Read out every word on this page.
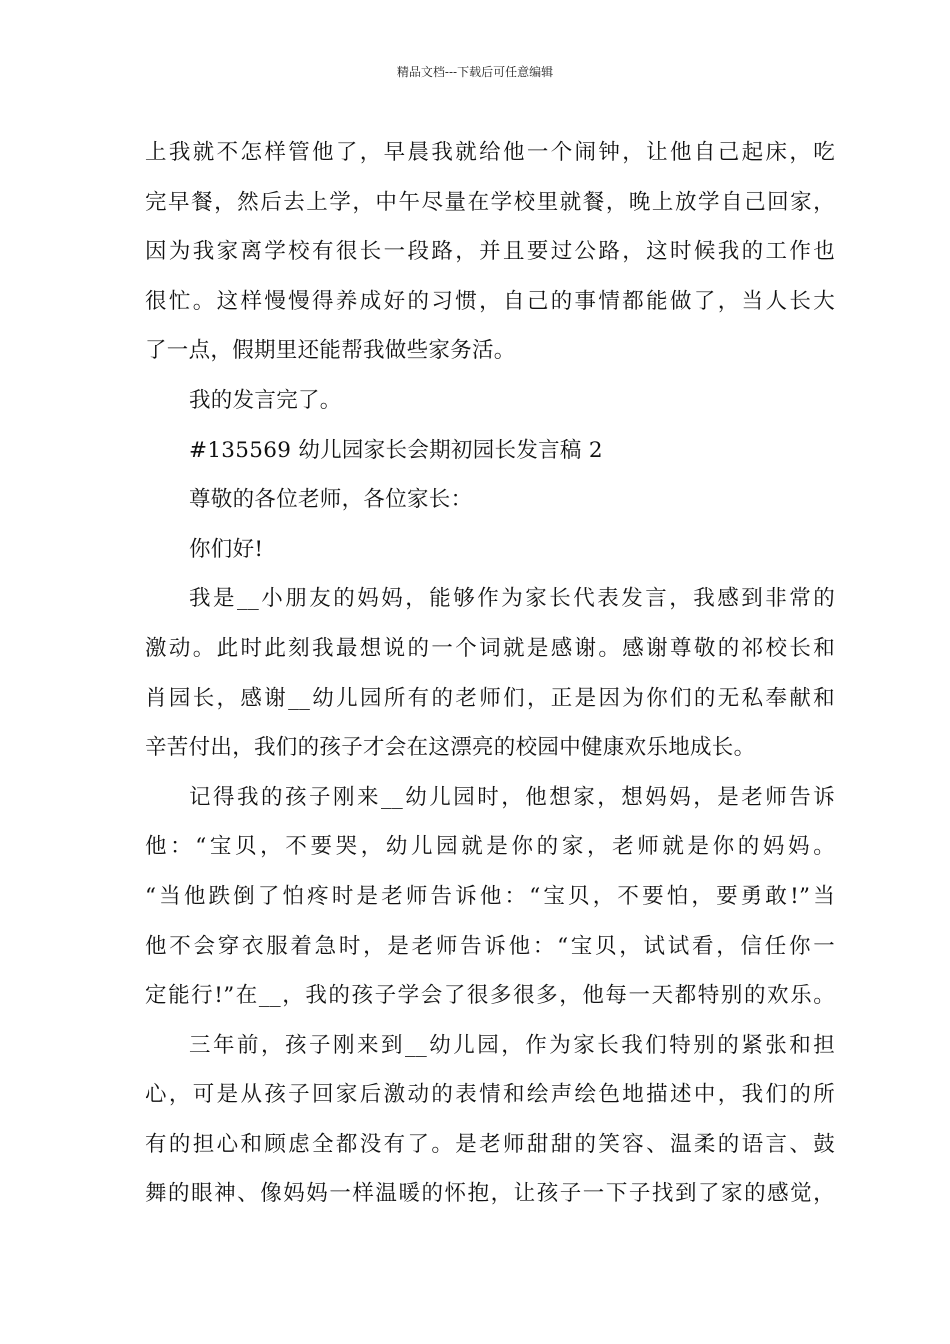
精品文档---下载后可任意编辑
上我就不怎样管他了，早晨我就给他一个闹钟，让他自己起床，吃
完早餐，然后去上学，中午尽量在学校里就餐，晚上放学自己回家，
因为我家离学校有很长一段路，并且要过公路，这时候我的工作也
很忙。这样慢慢得养成好的习惯，自己的事情都能做了，当人长大
了一点，假期里还能帮我做些家务活。
我的发言完了。
#135569 幼儿园家长会期初园长发言稿 2
尊敬的各位老师，各位家长：
你们好!
我是__小朋友的妈妈，能够作为家长代表发言，我感到非常的
激动。此时此刻我最想说的一个词就是感谢。感谢尊敬的祁校长和
肖园长，感谢__幼儿园所有的老师们，正是因为你们的无私奉献和
辛苦付出，我们的孩子才会在这漂亮的校园中健康欢乐地成长。
记得我的孩子刚来__幼儿园时，他想家，想妈妈，是老师告诉
他：“宝贝，不要哭，幼儿园就是你的家，老师就是你的妈妈。
“当他跌倒了怕疼时是老师告诉他：“宝贝，不要怕，要勇敢!”当
他不会穿衣服着急时，是老师告诉他：“宝贝，试试看，信任你一
定能行!”在__，我的孩子学会了很多很多，他每一天都特别的欢乐。
三年前，孩子刚来到__幼儿园，作为家长我们特别的紧张和担
心，可是从孩子回家后激动的表情和绘声绘色地描述中，我们的所
有的担心和顾虑全都没有了。是老师甜甜的笑容、温柔的语言、鼓
舞的眼神、像妈妈一样温暖的怀抱，让孩子一下子找到了家的感觉，
